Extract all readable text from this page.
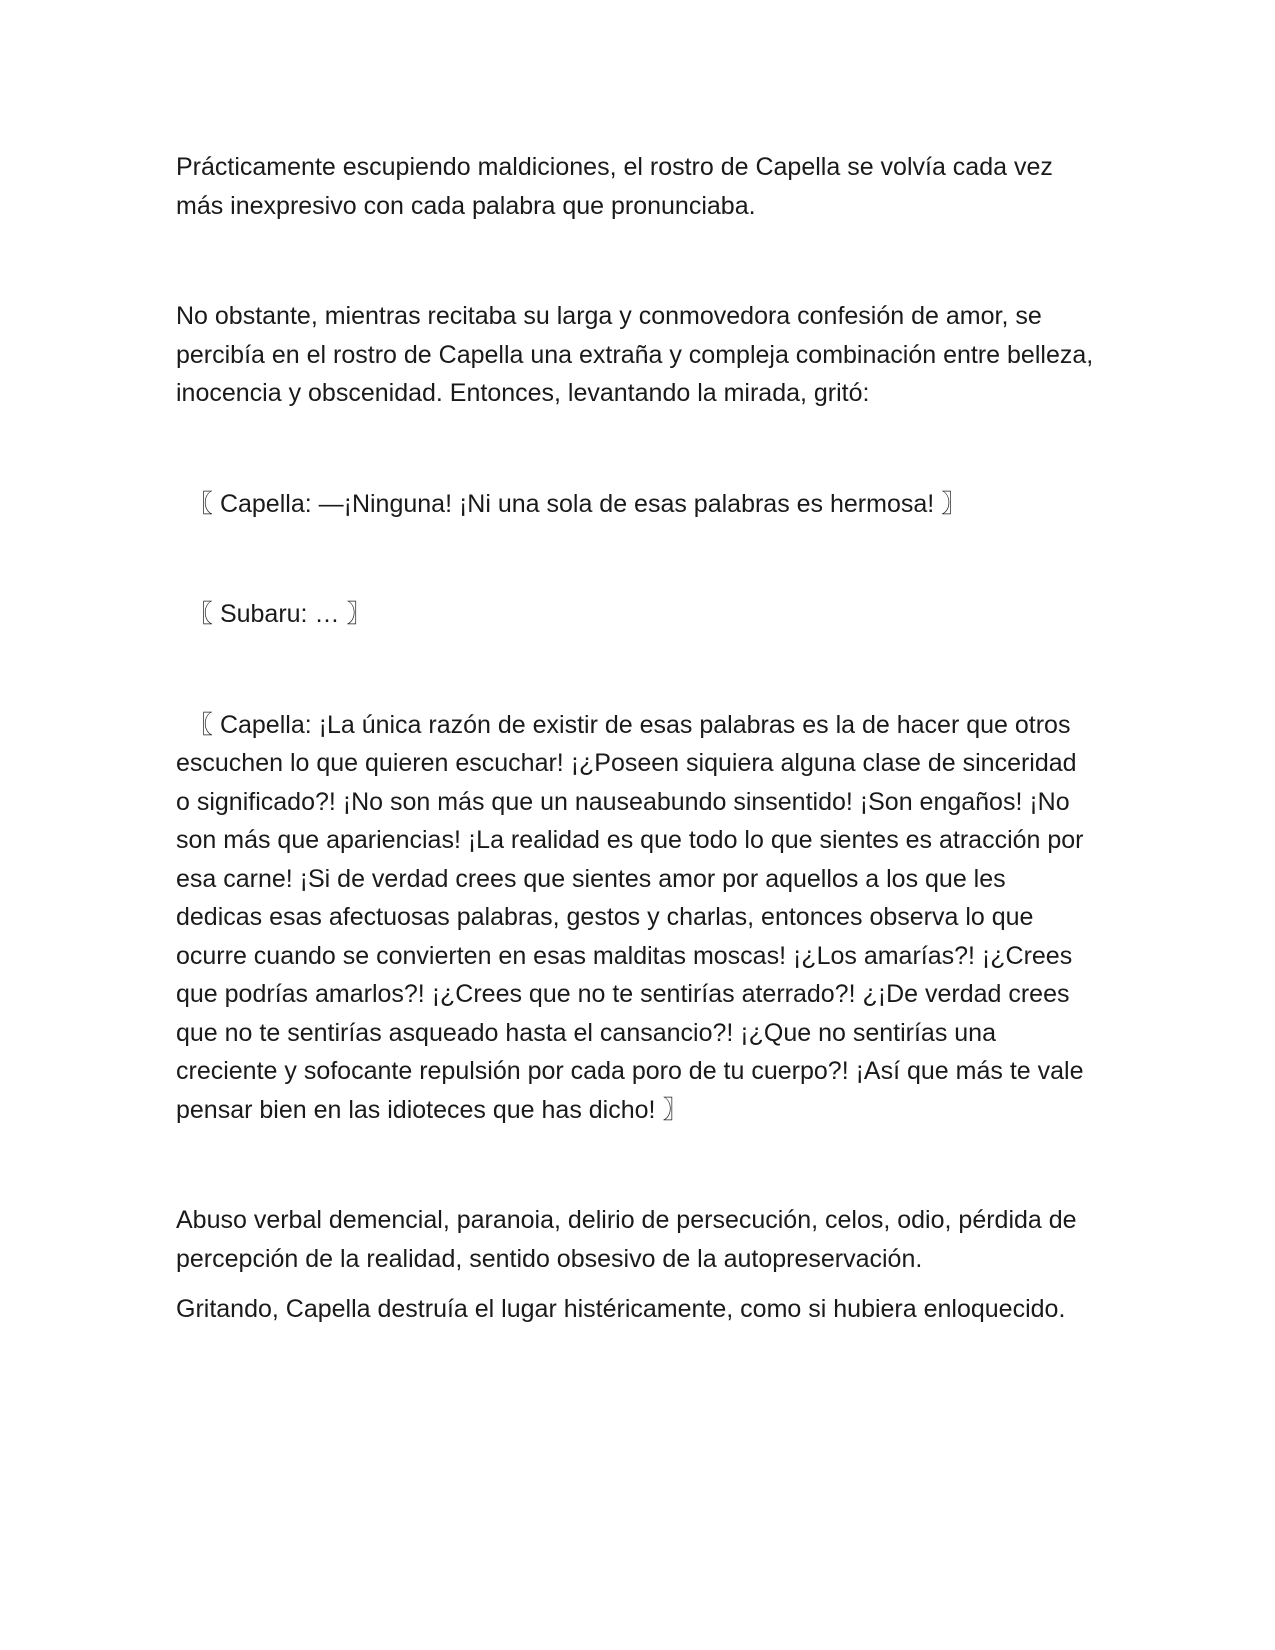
Prácticamente escupiendo maldiciones, el rostro de Capella se volvía cada vez más inexpresivo con cada palabra que pronunciaba.

No obstante, mientras recitaba su larga y conmovedora confesión de amor, se percibía en el rostro de Capella una extraña y compleja combinación entre belleza, inocencia y obscenidad. Entonces, levantando la mirada, gritó:

〖 Capella: —¡Ninguna! ¡Ni una sola de esas palabras es hermosa! 〗

〖 Subaru: … 〗

〖 Capella: ¡La única razón de existir de esas palabras es la de hacer que otros escuchen lo que quieren escuchar! ¡¿Poseen siquiera alguna clase de sinceridad o significado?! ¡No son más que un nauseabundo sinsentido! ¡Son engaños! ¡No son más que apariencias! ¡La realidad es que todo lo que sientes es atracción por esa carne! ¡Si de verdad crees que sientes amor por aquellos a los que les dedicas esas afectuosas palabras, gestos y charlas, entonces observa lo que ocurre cuando se convierten en esas malditas moscas! ¡¿Los amarías?! ¡¿Crees que podrías amarlos?! ¡¿Crees que no te sentirías aterrado?! ¿¡De verdad crees que no te sentirías asqueado hasta el cansancio?! ¡¿Que no sentirías una creciente y sofocante repulsión por cada poro de tu cuerpo?! ¡Así que más te vale pensar bien en las idioteces que has dicho! 〗

Abuso verbal demencial, paranoia, delirio de persecución, celos, odio, pérdida de percepción de la realidad, sentido obsesivo de la autopreservación.

Gritando, Capella destruía el lugar histéricamente, como si hubiera enloquecido.
